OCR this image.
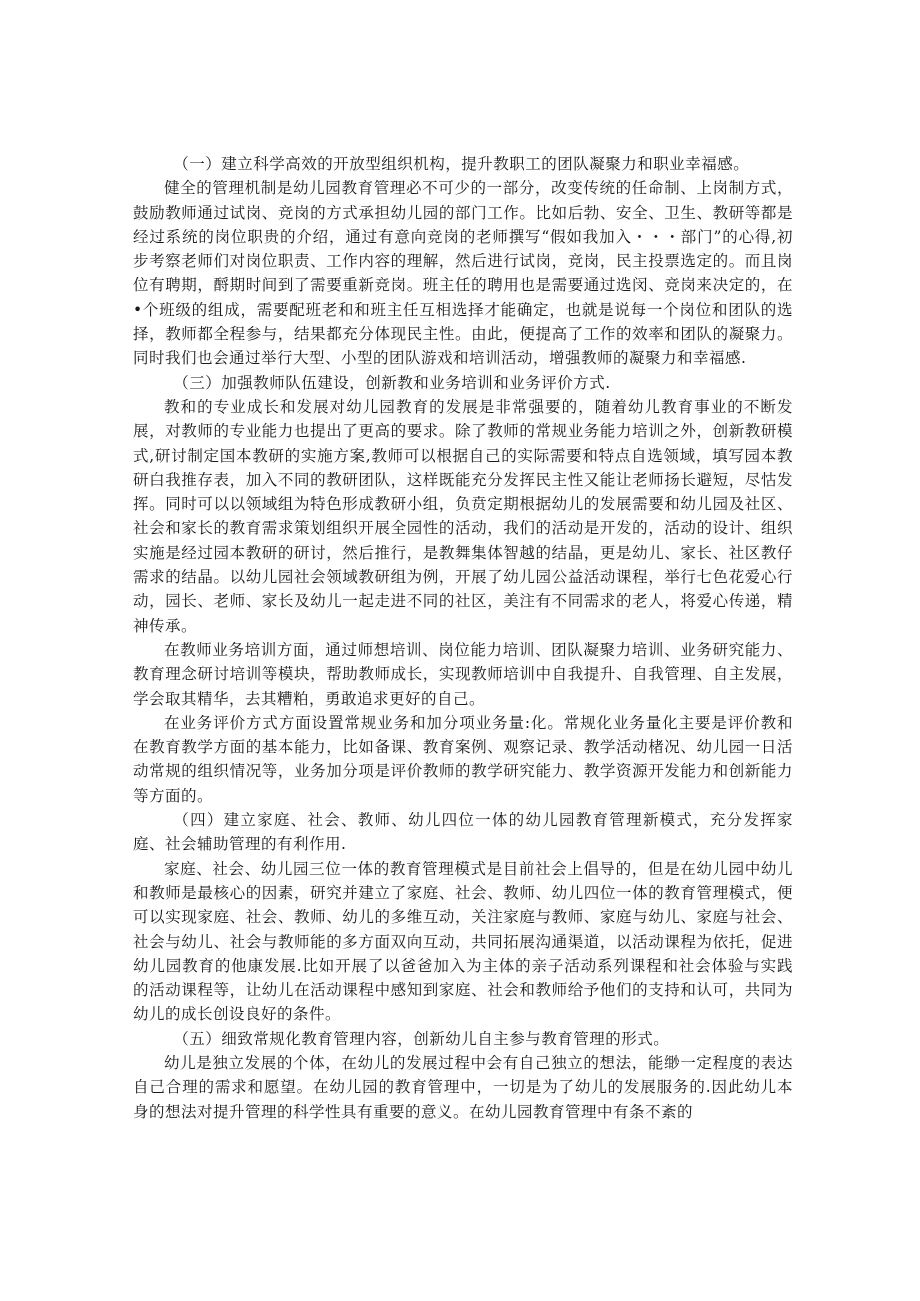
（一）建立科学高效的开放型组织机构，提升教职工的团队凝聚力和职业幸福感。

健全的管理机制是幼儿园教育管理必不可少的一部分，改变传统的任命制、上岗制方式，鼓励教师通过试岗、竞岗的方式承担幼儿园的部门工作。比如后勃、安全、卫生、教研等都是经过系统的岗位职贵的介绍，通过有意向竞岗的老师撰写“假如我加入・・・部门”的心得,初步考察老师们对岗位职责、工作内容的理解，然后进行试岗，竞岗，民主投票选定的。而且岗位有聘期，酹期时间到了需要重新竞岗。班主任的聘用也是需要通过选闵、竞岗来决定的，在•个班级的组成，需要配班老和和班主任互相选择才能确定，也就是说每一个岗位和团队的选择，教师都全程参与，结果都充分体现民主性。由此，便提高了工作的效率和团队的凝聚力。同时我们也会通过举行大型、小型的团队游戏和培训活动，增强教师的凝聚力和幸福感.

（三）加强教师队伍建设，创新教和业务培训和业务评价方式.

教和的专业成长和发展对幼儿园教育的发展是非常强要的，随着幼儿教育事业的不断发展，对教师的专业能力也提出了更高的要求。除了教师的常规业务能力培训之外，创新教研模式,研讨制定国本教研的实施方案,教师可以根据自己的实际需要和特点自选领域，填写园本教研白我推存表，加入不同的教研团队，这样既能充分发挥民主性又能让老师扬长避短，尽怙发挥。同时可以以领域组为特色形成教研小组，负贲定期根据幼儿的发展需要和幼儿园及社区、社会和家长的教育需求策划组织开展全园性的活动，我们的活动是开发的，活动的设计、组织实施是经过园本教研的研讨，然后推行，是教舞集体智越的结晶，更是幼儿、家长、社区教仔需求的结晶。以幼儿园社会领域教研组为例，开展了幼儿园公益活动课程，举行七色花爱心行动，园长、老师、家长及幼儿一起走进不同的社区，美注有不同需求的老人，将爱心传递，精神传承。

在教师业务培训方面，通过师想培训、岗位能力培训、团队凝聚力培训、业务研究能力、教育理念研讨培训等模块，帮助教师成长，实现教师培训中自我提升、自我管理、自主发展，学会取其精华，去其糟粕，勇敢追求更好的自己。

在业务评价方式方面设置常规业务和加分项业务量:化。常规化业务量化主要是评价教和在教育教学方面的基本能力，比如备课、教育案例、观察记录、教学活动楮况、幼儿园一日活动常规的组织情况等，业务加分项是评价教师的教学研究能力、教学资源开发能力和创新能力等方面的。

（四）建立家庭、社会、教师、幼儿四位一体的幼儿园教育管理新模式，充分发挥家庭、社会辅助管理的有利作用.

家庭、社会、幼儿园三位一体的教育管理模式是目前社会上倡导的，但是在幼儿园中幼儿和教师是最核心的因素，研究并建立了家庭、社会、教师、幼儿四位一体的教育管理模式，便可以实现家庭、社会、教师、幼儿的多维互动，关注家庭与教师、家庭与幼儿、家庭与社会、社会与幼儿、社会与教师能的多方面双向互动，共同拓展沟通渠道，以活动课程为依托，促进幼儿园教育的他康发展.比如开展了以爸爸加入为主体的亲子活动系列课程和社会体验与实践的活动课程等，让幼儿在活动课程中感知到家庭、社会和教师给予他们的支持和认可，共同为幼儿的成长创设良好的条件。

（五）细致常规化教育管理内容，创新幼儿自主参与教育管理的形式。

幼儿是独立发展的个体，在幼儿的发展过程中会有自己独立的想法，能缈一定程度的表达自己合理的需求和愿望。在幼儿园的教育管理中，一切是为了幼儿的发展服务的.因此幼儿本身的想法对提升管理的科学性具有重要的意义。在幼儿园教育管理中有条不紊的
